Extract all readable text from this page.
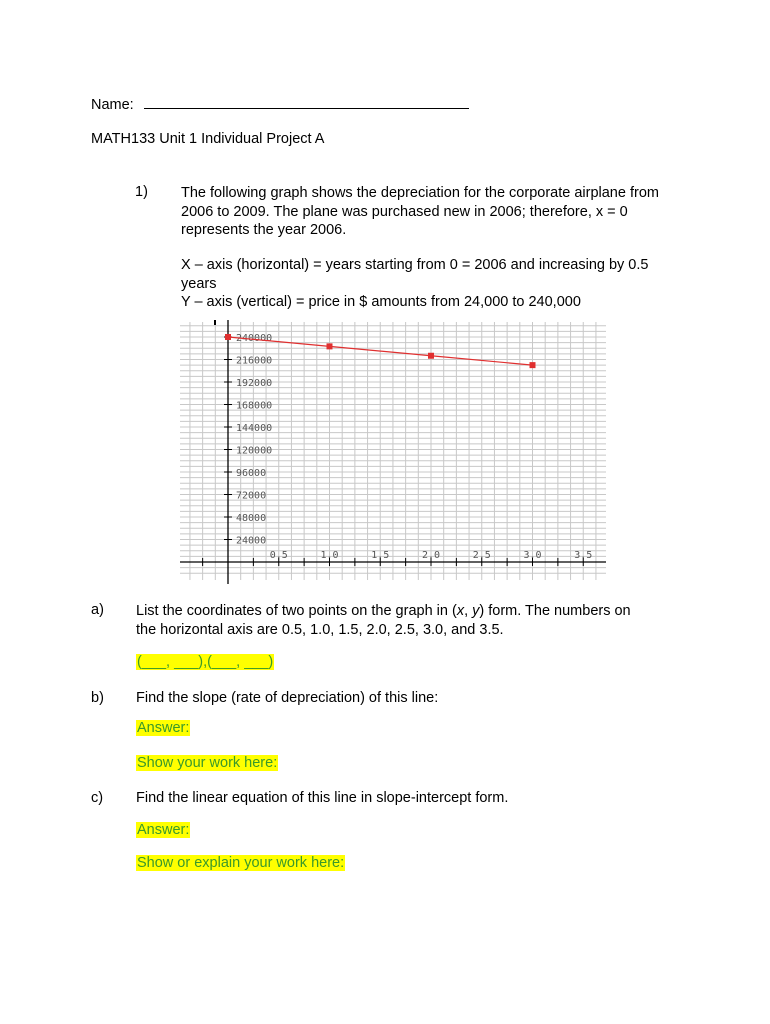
Name:
MATH133 Unit 1 Individual Project A
1) The following graph shows the depreciation for the corporate airplane from
2006 to 2009. The plane was purchased new in 2006; therefore, x = 0
represents the year 2006.
X – axis (horizontal) = years starting from 0 = 2006 and increasing by 0.5
years
Y – axis (vertical) = price in $ amounts from 24,000 to 240,000
240000
216000
192000
168000
144000
120000
96000
72000
48000
24000
0.5	1.0	1.5	2.0	2.5	3.0	3.5
a) List the coordinates of two points on the graph in (x, y) form. The numbers on
the horizontal axis are 0.5, 1.0, 1.5, 2.0, 2.5, 3.0, and 3.5.
(___, ___),(___, ___)
b) Find the slope (rate of depreciation) of this line:
Answer:
Show your work here:
c) Find the linear equation of this line in slope-intercept form.
Answer:
Show or explain your work here:
